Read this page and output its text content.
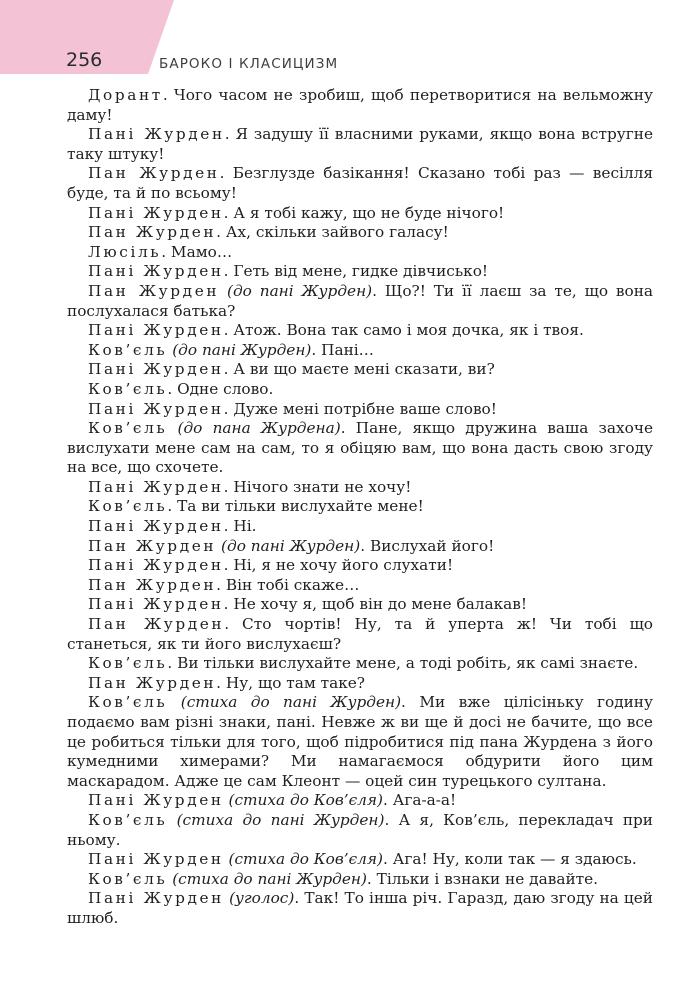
256	БАРОКО І КЛАСИЦИЗМ

Дорант. Чого часом не зробиш, щоб перетворитися на вельможну даму!

Пані Журден. Я задушу її власними руками, якщо вона встругне таку штуку!

Пан Журден. Безглузде базікання! Сказано тобі раз — весілля буде, та й по всьому!

Пані Журден. А я тобі кажу, що не буде нічого!

Пан Журден. Ах, скільки зайвого галасу!

Люсіль. Мамо…

Пані Журден. Геть від мене, гидке дівчисько!

Пан Журден (до пані Журден). Що?! Ти її лаєш за те, що вона послухалася батька?

Пані Журден. Атож. Вона так само і моя дочка, як і твоя.

Ков’єль (до пані Журден). Пані…

Пані Журден. А ви що маєте мені сказати, ви?

Ков’єль. Одне слово.

Пані Журден. Дуже мені потрібне ваше слово!

Ков’єль (до пана Журдена). Пане, якщо дружина ваша захоче вислухати мене сам на сам, то я обіцяю вам, що вона дасть свою згоду на все, що схочете.

Пані Журден. Нічого знати не хочу!

Ков’єль. Та ви тільки вислухайте мене!

Пані Журден. Ні.

Пан Журден (до пані Журден). Вислухай його!

Пані Журден. Ні, я не хочу його слухати!

Пан Журден. Він тобі скаже…

Пані Журден. Не хочу я, щоб він до мене балакав!

Пан Журден. Сто чортів! Ну, та й уперта ж! Чи тобі що станеться, як ти його вислухаєш?

Ков’єль. Ви тільки вислухайте мене, а тоді робіть, як самі знаєте.

Пан Журден. Ну, що там таке?

Ков’єль (стиха до пані Журден). Ми вже цілісіньку годину подаємо вам різні знаки, пані. Невже ж ви ще й досі не бачите, що все це робиться тільки для того, щоб підробитися під пана Журдена з його кумедними химерами? Ми намагаємося обдурити його цим маскарадом. Адже це сам Клеонт — оцей син турецького султана.

Пані Журден (стиха до Ков’єля). Ага-а-а!

Ков’єль (стиха до пані Журден). А я, Ков’єль, перекладач при ньому.

Пані Журден (стиха до Ков’єля). Ага! Ну, коли так — я здаюсь.

Ков’єль (стиха до пані Журден). Тільки і взнаки не давайте.

Пані Журден (уголос). Так! То інша річ. Гаразд, даю згоду на цей шлюб.
